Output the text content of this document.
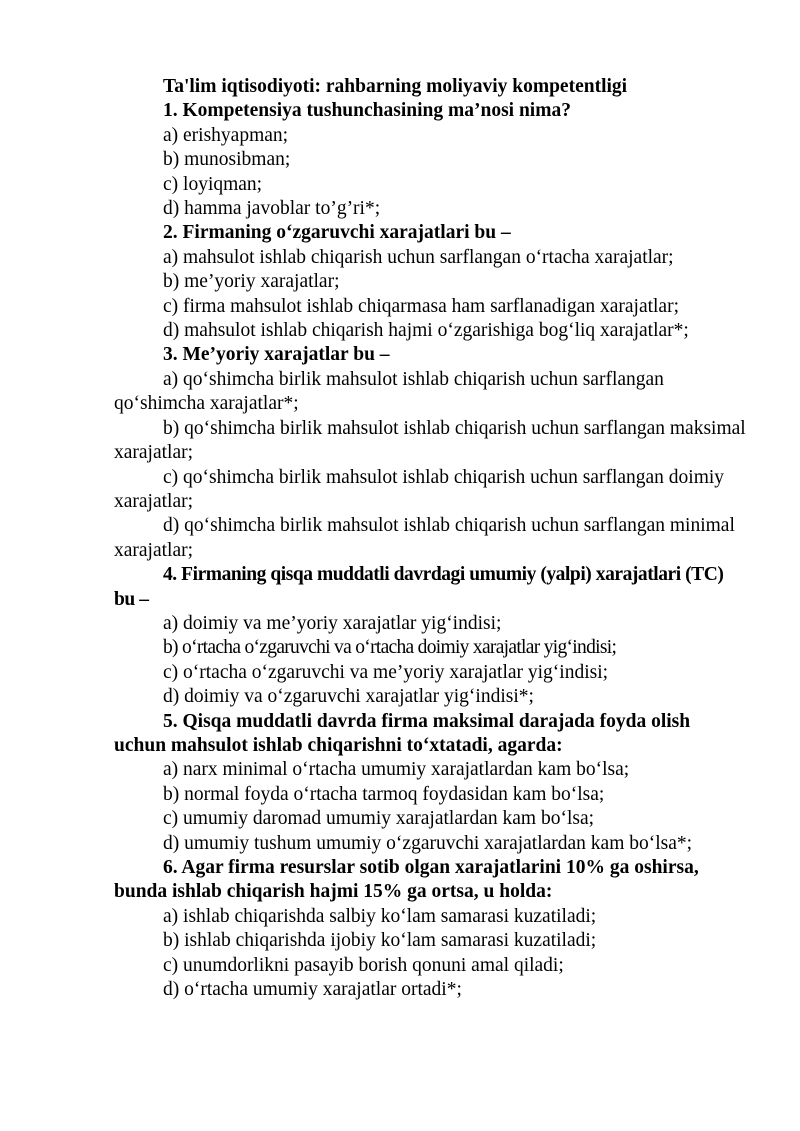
Ta'lim iqtisodiyoti: rahbarning moliyaviy kompetentligi
1. Kompetensiya tushunchasining ma’nosi nima?
a) erishyapman;
b) munosibman;
c) loyiqman;
d) hamma javoblar to’g’ri*;
2. Firmaning o‘zgaruvchi xarajatlari bu –
a) mahsulot ishlab chiqarish uchun sarflangan o‘rtacha xarajatlar;
b) me’yoriy xarajatlar;
c) firma mahsulot ishlab chiqarmasa ham sarflanadigan xarajatlar;
d) mahsulot ishlab chiqarish hajmi o‘zgarishiga bog‘liq xarajatlar*;
3. Me’yoriy xarajatlar bu –
a) qo‘shimcha birlik mahsulot ishlab chiqarish uchun sarflangan qo‘shimcha xarajatlar*;
b) qo‘shimcha birlik mahsulot ishlab chiqarish uchun sarflangan maksimal xarajatlar;
c) qo‘shimcha birlik mahsulot ishlab chiqarish uchun sarflangan doimiy xarajatlar;
d) qo‘shimcha birlik mahsulot ishlab chiqarish uchun sarflangan minimal xarajatlar;
4. Firmaning qisqa muddatli davrdagi umumiy (yalpi) xarajatlari (TC) bu –
a) doimiy va me’yoriy xarajatlar yig‘indisi;
b) o‘rtacha o‘zgaruvchi va o‘rtacha doimiy xarajatlar yig‘indisi;
c) o‘rtacha o‘zgaruvchi va me’yoriy xarajatlar yig‘indisi;
d) doimiy va o‘zgaruvchi xarajatlar yig‘indisi*;
5. Qisqa muddatli davrda firma maksimal darajada foyda olish uchun mahsulot ishlab chiqarishni to‘xtatadi, agarda:
a) narx minimal o‘rtacha umumiy xarajatlardan kam bo‘lsa;
b) normal foyda o‘rtacha tarmoq foydasidan kam bo‘lsa;
c) umumiy daromad umumiy xarajatlardan kam bo‘lsa;
d) umumiy tushum umumiy o‘zgaruvchi xarajatlardan kam bo‘lsa*;
6. Agar firma resurslar sotib olgan xarajatlarini 10% ga oshirsa, bunda ishlab chiqarish hajmi 15% ga ortsa, u holda:
a) ishlab chiqarishda salbiy ko‘lam samarasi kuzatiladi;
b) ishlab chiqarishda ijobiy ko‘lam samarasi kuzatiladi;
c) unumdorlikni pasayib borish qonuni amal qiladi;
d) o‘rtacha umumiy xarajatlar ortadi*;
